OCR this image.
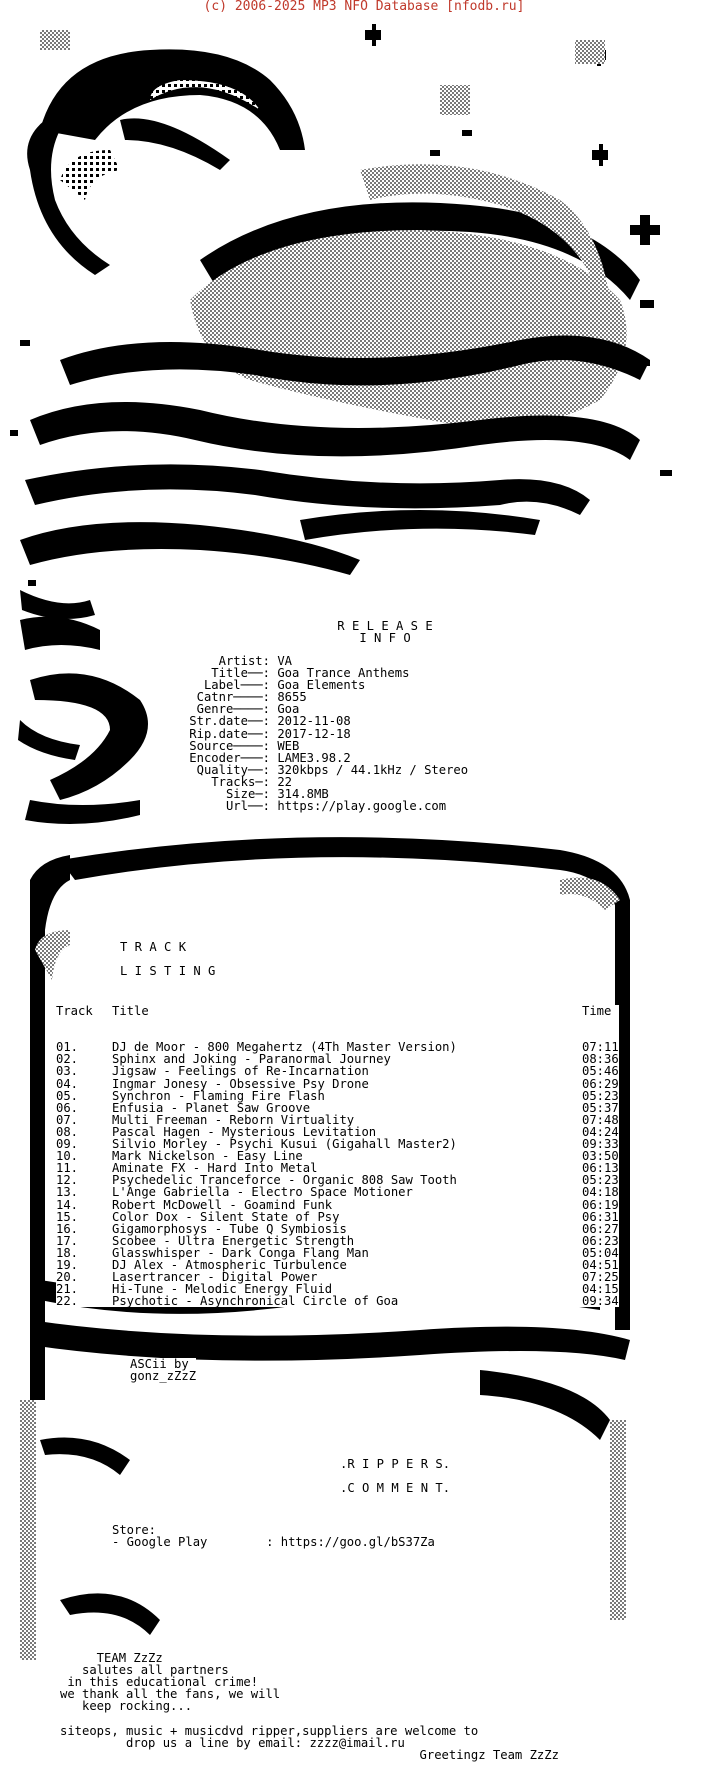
(c) 2006-2025 MP3 NFO Database [nfodb.ru]
R E L E A S E
I N F O
Artist: VA
Title──: Goa Trance Anthems
Label───: Goa Elements
Catnr────: 8655
Genre────: Goa
Str.date──: 2012-11-08
Rip.date──: 2017-12-18
Source────: WEB
Encoder───: LAME3.98.2
Quality──: 320kbps / 44.1kHz / Stereo
Tracks─: 22
Size─: 314.8MB
Url──: https://play.google.com
T R A C K
L I S T I N G
Track Title	Time

01.	DJ de Moor - 800 Megahertz (4Th Master Version)	07:11
02.	Sphinx and Joking - Paranormal Journey	08:36
03.	Jigsaw - Feelings of Re-Incarnation	05:46
04.	Ingmar Jonesy - Obsessive Psy Drone	06:29
05.	Synchron - Flaming Fire Flash	05:23
06.	Enfusia - Planet Saw Groove	05:37
07.	Multi Freeman - Reborn Virtuality	07:48
08.	Pascal Hagen - Mysterious Levitation	04:24
09.	Silvio Morley - Psychi Kusui (Gigahall Master2)	09:33
10.	Mark Nickelson - Easy Line	03:50
11.	Aminate FX - Hard Into Metal	06:13
12.	Psychedelic Tranceforce - Organic 808 Saw Tooth	05:23
13.	L'Ange Gabriella - Electro Space Motioner	04:18
14.	Robert McDowell - Goamind Funk	06:19
15.	Color Dox - Silent State of Psy	06:31
16.	Gigamorphosys - Tube Q Symbiosis	06:27
17.	Scobee - Ultra Energetic Strength	06:23
18.	Glasswhisper - Dark Conga Flang Man	05:04
19.	DJ Alex - Atmospheric Turbulence	04:51
20.	Lasertrancer - Digital Power	07:25
21.	Hi-Tune - Melodic Energy Fluid	04:15
22.	Psychotic - Asynchronical Circle of Goa	09:34
ASCii by
gonz_zZzZ
.R I P P E R S.
.C O M M E N T.
Store:
- Google Play        : https://goo.gl/bS37Za
TEAM ZzZz
salutes all partners
in this educational crime!
we thank all the fans, we will
keep rocking...

siteops, music + musicdvd ripper,suppliers are welcome to
drop us a line by email: zzzz@imail.ru
Greetingz Team ZzZz
